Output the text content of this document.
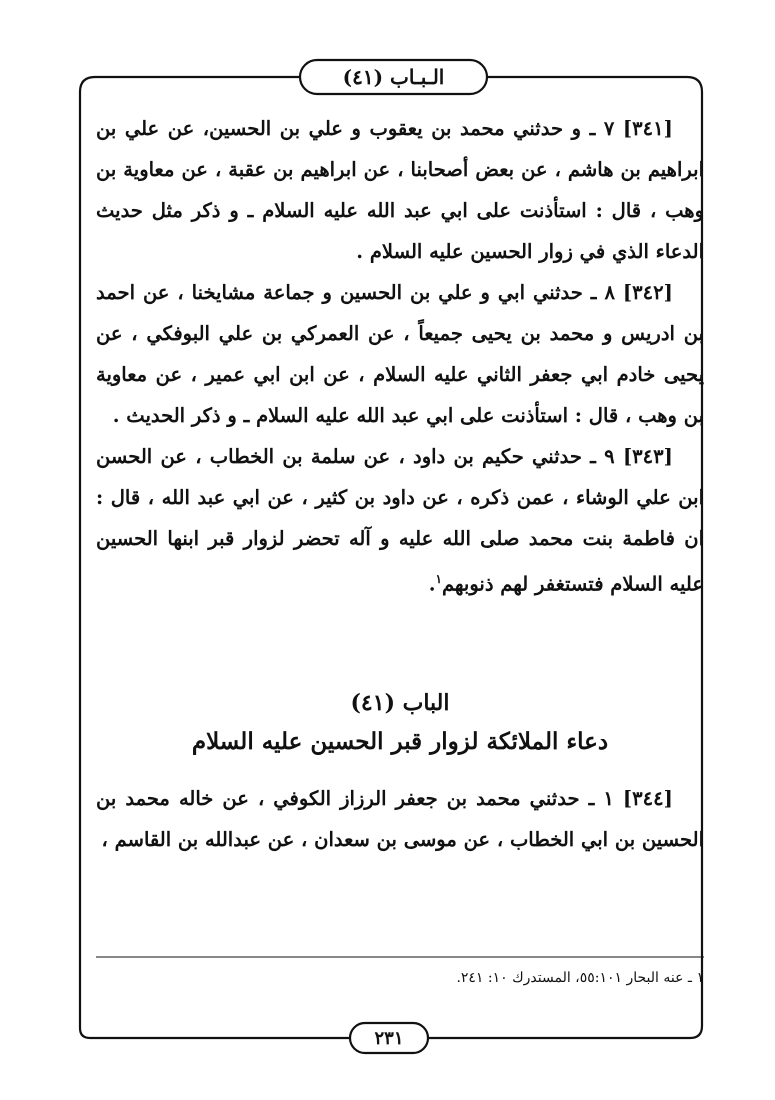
الـبـاب (٤١)

[٣٤١] ٧ ـ و حدثني محمد بن يعقوب و علي بن الحسين، عن علي بن ابراهيم بن هاشم ، عن بعض أصحابنا ، عن ابراهيم بن عقبة ، عن معاوية بن وهب ، قال : استأذنت على ابي عبد الله عليه السلام ـ و ذكر مثل حديث الدعاء الذي في زوار الحسين عليه السلام .

[٣٤٢] ٨ ـ حدثني ابي و علي بن الحسين و جماعة مشايخنا ، عن احمد بن ادريس و محمد بن يحيى جميعاً ، عن العمركي بن علي البوفكي ، عن يحيى خادم ابي جعفر الثاني عليه السلام ، عن ابن ابي عمير ، عن معاوية بن وهب ، قال : استأذنت على ابي عبد الله عليه السلام ـ و ذكر الحديث .

[٣٤٣] ٩ ـ حدثني حكيم بن داود ، عن سلمة بن الخطاب ، عن الحسن ابن علي الوشاء ، عمن ذكره ، عن داود بن كثير ، عن ابي عبد الله ، قال : ان فاطمة بنت محمد صلى الله عليه و آله تحضر لزوار قبر ابنها الحسين عليه السلام فتستغفر لهم ذنوبهم$^١$.

الباب (٤١)
دعاء الملائكة لزوار قبر الحسين عليه السلام

[٣٤٤] ١ ـ حدثني محمد بن جعفر الرزاز الكوفي ، عن خاله محمد بن الحسين بن ابي الخطاب ، عن موسى بن سعدان ، عن عبدالله بن القاسم ،

١ ـ عنه البحار ٥٥:١٠١، المستدرك ١٠: ٢٤١.
٢٣١
